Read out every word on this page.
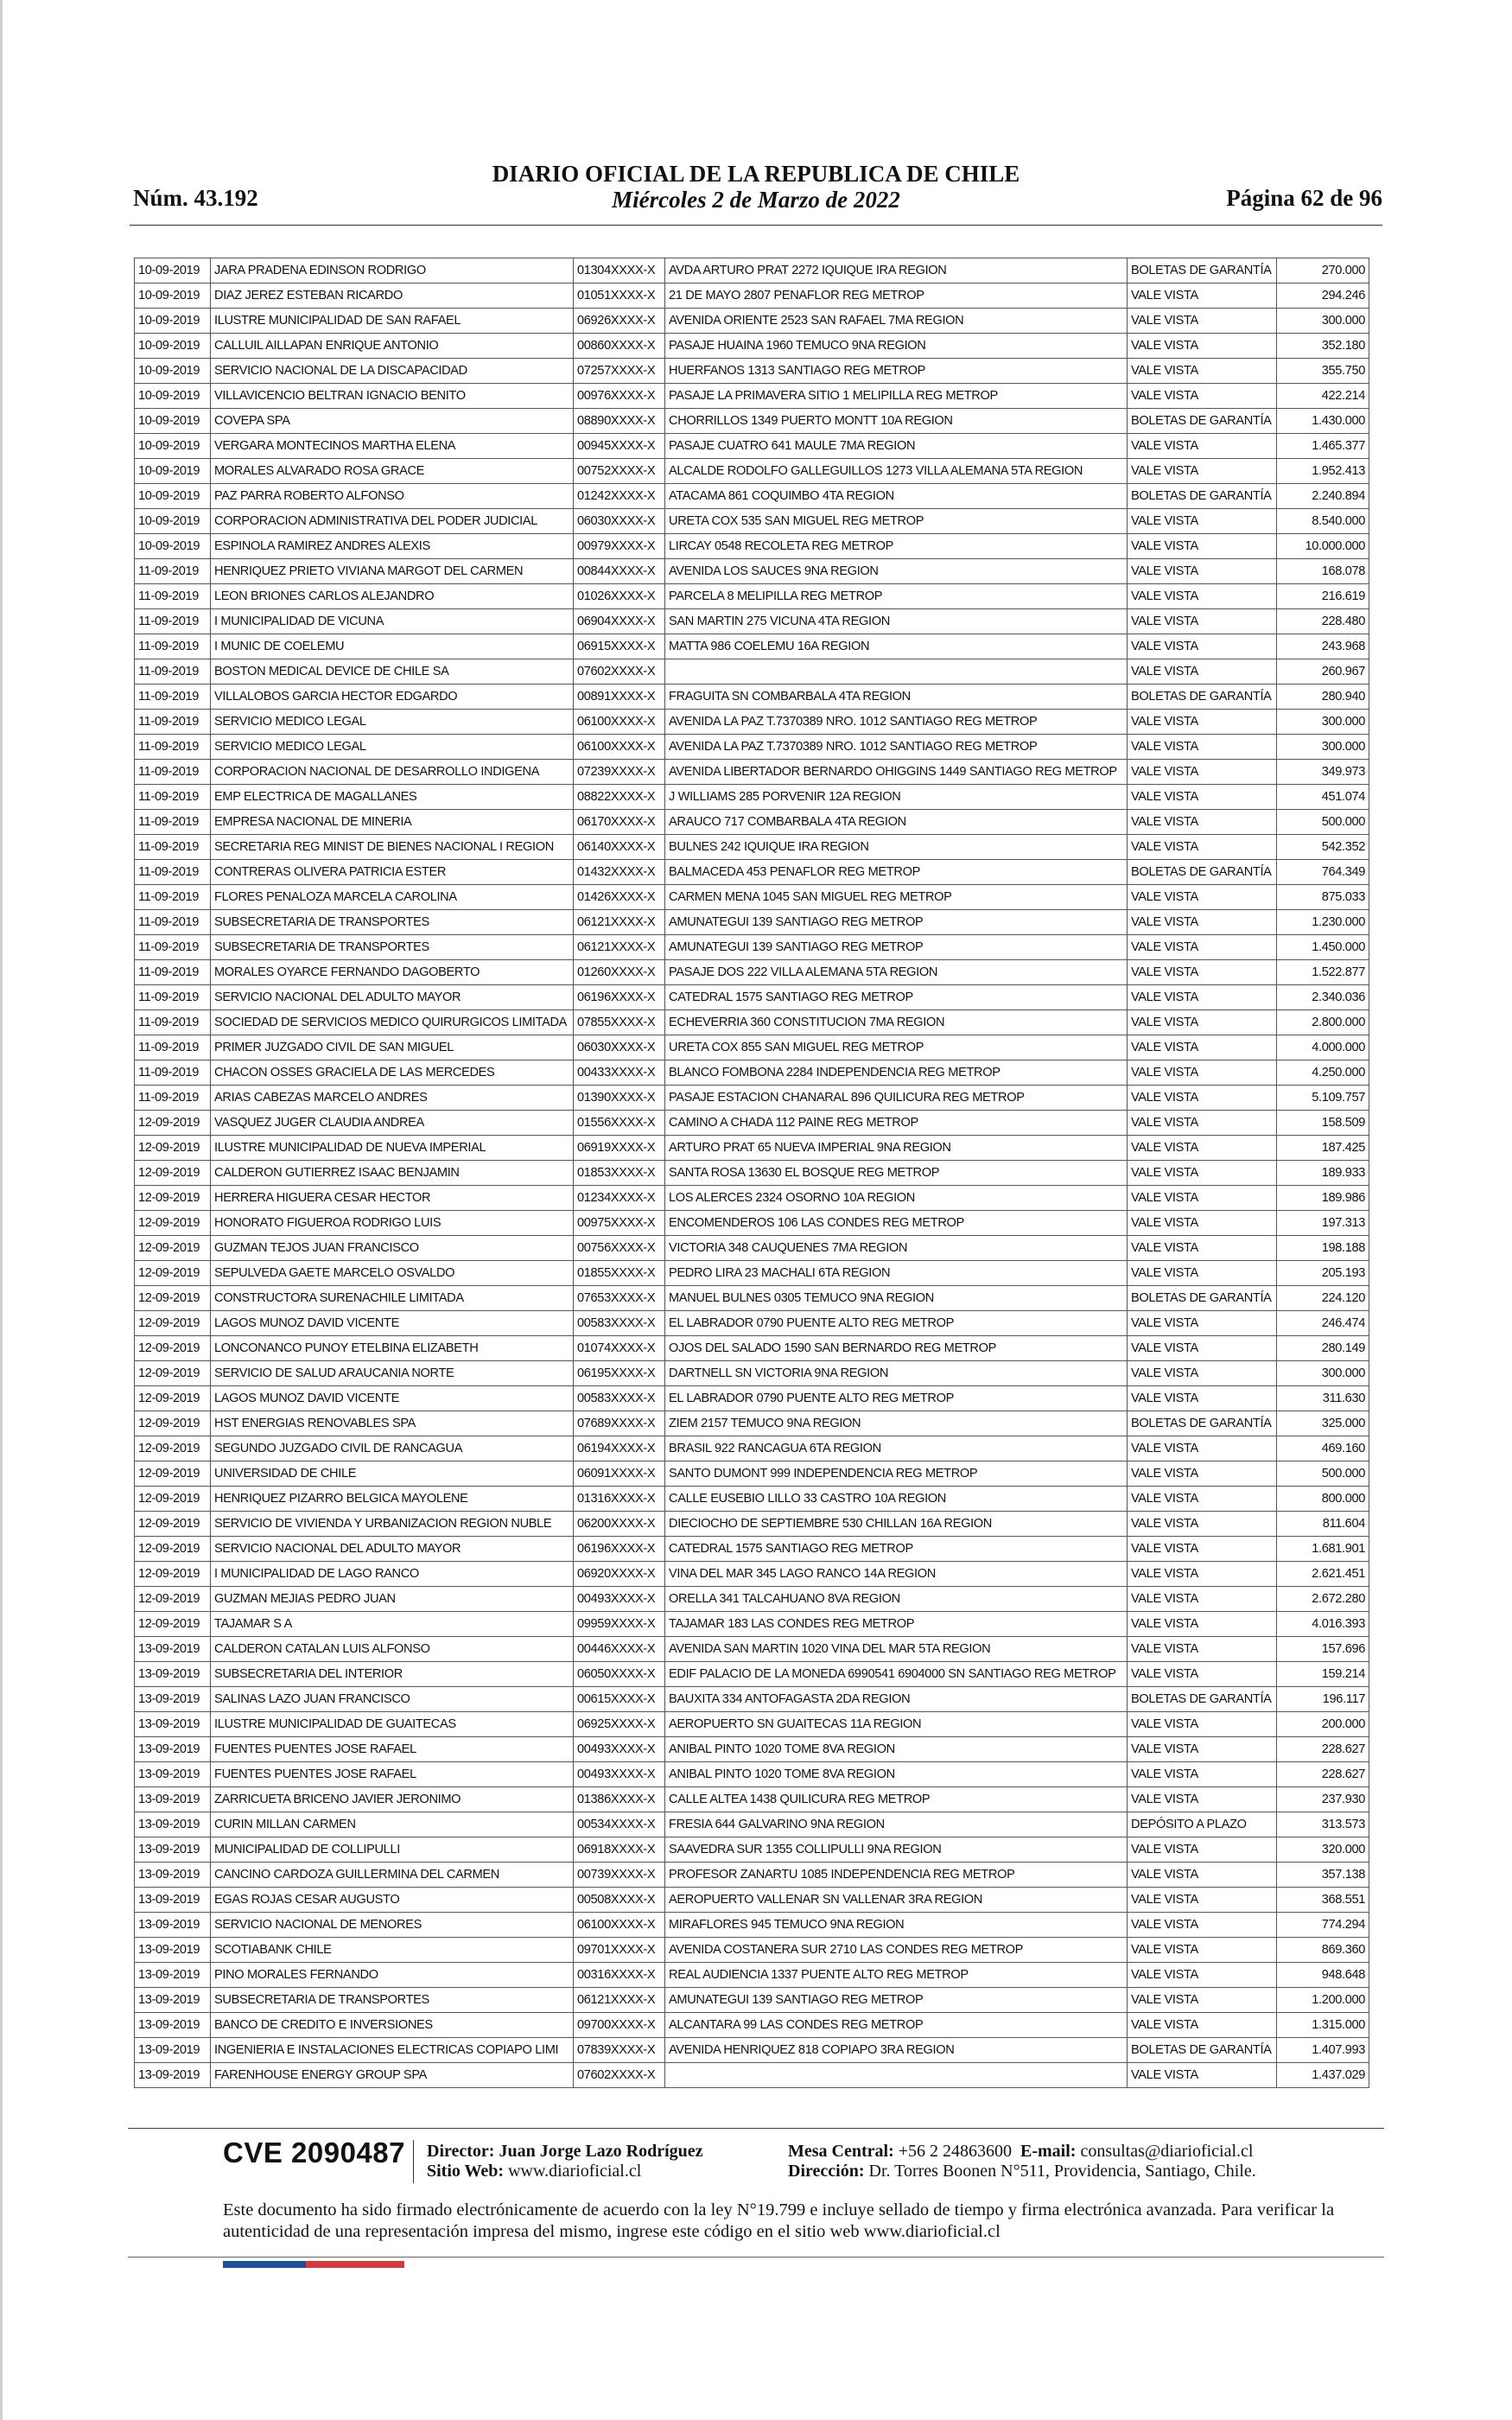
Núm. 43.192
DIARIO OFICIAL DE LA REPUBLICA DE CHILE
Miércoles 2 de Marzo de 2022	Página 62 de 96
10-09-2019	JARA PRADENA EDINSON RODRIGO	01304XXXX-X	AVDA ARTURO PRAT 2272 IQUIQUE IRA REGION	BOLETAS DE GARANTÍA	270.000
10-09-2019	DIAZ JEREZ ESTEBAN RICARDO	01051XXXX-X	21 DE MAYO 2807 PENAFLOR REG METROP	VALE VISTA	294.246
10-09-2019	ILUSTRE MUNICIPALIDAD DE SAN RAFAEL	06926XXXX-X	AVENIDA ORIENTE 2523 SAN RAFAEL 7MA REGION	VALE VISTA	300.000
10-09-2019	CALLUIL AILLAPAN ENRIQUE ANTONIO	00860XXXX-X	PASAJE HUAINA 1960 TEMUCO 9NA REGION	VALE VISTA	352.180
10-09-2019	SERVICIO NACIONAL DE LA DISCAPACIDAD	07257XXXX-X	HUERFANOS 1313 SANTIAGO REG METROP	VALE VISTA	355.750
10-09-2019	VILLAVICENCIO BELTRAN IGNACIO BENITO	00976XXXX-X	PASAJE LA PRIMAVERA SITIO 1 MELIPILLA REG METROP	VALE VISTA	422.214
10-09-2019	COVEPA SPA	08890XXXX-X	CHORRILLOS 1349 PUERTO MONTT 10A REGION	BOLETAS DE GARANTÍA	1.430.000
10-09-2019	VERGARA MONTECINOS MARTHA ELENA	00945XXXX-X	PASAJE CUATRO 641 MAULE 7MA REGION	VALE VISTA	1.465.377
10-09-2019	MORALES ALVARADO ROSA GRACE	00752XXXX-X	ALCALDE RODOLFO GALLEGUILLOS 1273 VILLA ALEMANA 5TA REGION	VALE VISTA	1.952.413
10-09-2019	PAZ PARRA ROBERTO ALFONSO	01242XXXX-X	ATACAMA 861 COQUIMBO 4TA REGION	BOLETAS DE GARANTÍA	2.240.894
10-09-2019	CORPORACION ADMINISTRATIVA DEL PODER JUDICIAL	06030XXXX-X	URETA COX 535 SAN MIGUEL REG METROP	VALE VISTA	8.540.000
10-09-2019	ESPINOLA RAMIREZ ANDRES ALEXIS	00979XXXX-X	LIRCAY 0548 RECOLETA REG METROP	VALE VISTA	10.000.000
11-09-2019	HENRIQUEZ PRIETO VIVIANA MARGOT DEL CARMEN	00844XXXX-X	AVENIDA LOS SAUCES 9NA REGION	VALE VISTA	168.078
11-09-2019	LEON BRIONES CARLOS ALEJANDRO	01026XXXX-X	PARCELA 8 MELIPILLA REG METROP	VALE VISTA	216.619
11-09-2019	I MUNICIPALIDAD DE VICUNA	06904XXXX-X	SAN MARTIN 275 VICUNA 4TA REGION	VALE VISTA	228.480
11-09-2019	I MUNIC DE COELEMU	06915XXXX-X	MATTA 986 COELEMU 16A REGION	VALE VISTA	243.968
11-09-2019	BOSTON MEDICAL DEVICE DE CHILE SA	07602XXXX-X		VALE VISTA	260.967
11-09-2019	VILLALOBOS GARCIA HECTOR EDGARDO	00891XXXX-X	FRAGUITA SN COMBARBALA 4TA REGION	BOLETAS DE GARANTÍA	280.940
11-09-2019	SERVICIO MEDICO LEGAL	06100XXXX-X	AVENIDA LA PAZ T.7370389 NRO. 1012 SANTIAGO REG METROP	VALE VISTA	300.000
11-09-2019	SERVICIO MEDICO LEGAL	06100XXXX-X	AVENIDA LA PAZ T.7370389 NRO. 1012 SANTIAGO REG METROP	VALE VISTA	300.000
11-09-2019	CORPORACION NACIONAL DE DESARROLLO INDIGENA	07239XXXX-X	AVENIDA LIBERTADOR BERNARDO OHIGGINS 1449 SANTIAGO REG METROP	VALE VISTA	349.973
11-09-2019	EMP ELECTRICA DE MAGALLANES	08822XXXX-X	J WILLIAMS 285 PORVENIR 12A REGION	VALE VISTA	451.074
11-09-2019	EMPRESA NACIONAL DE MINERIA	06170XXXX-X	ARAUCO 717 COMBARBALA 4TA REGION	VALE VISTA	500.000
11-09-2019	SECRETARIA REG MINIST DE BIENES NACIONAL I REGION	06140XXXX-X	BULNES 242 IQUIQUE IRA REGION	VALE VISTA	542.352
11-09-2019	CONTRERAS OLIVERA PATRICIA ESTER	01432XXXX-X	BALMACEDA 453 PENAFLOR REG METROP	BOLETAS DE GARANTÍA	764.349
11-09-2019	FLORES PENALOZA MARCELA CAROLINA	01426XXXX-X	CARMEN MENA 1045 SAN MIGUEL REG METROP	VALE VISTA	875.033
11-09-2019	SUBSECRETARIA DE TRANSPORTES	06121XXXX-X	AMUNATEGUI 139 SANTIAGO REG METROP	VALE VISTA	1.230.000
11-09-2019	SUBSECRETARIA DE TRANSPORTES	06121XXXX-X	AMUNATEGUI 139 SANTIAGO REG METROP	VALE VISTA	1.450.000
11-09-2019	MORALES OYARCE FERNANDO DAGOBERTO	01260XXXX-X	PASAJE DOS 222 VILLA ALEMANA 5TA REGION	VALE VISTA	1.522.877
11-09-2019	SERVICIO NACIONAL DEL ADULTO MAYOR	06196XXXX-X	CATEDRAL 1575 SANTIAGO REG METROP	VALE VISTA	2.340.036
11-09-2019	SOCIEDAD DE SERVICIOS MEDICO QUIRURGICOS LIMITADA	07855XXXX-X	ECHEVERRIA 360 CONSTITUCION 7MA REGION	VALE VISTA	2.800.000
11-09-2019	PRIMER JUZGADO CIVIL DE SAN MIGUEL	06030XXXX-X	URETA COX 855 SAN MIGUEL REG METROP	VALE VISTA	4.000.000
11-09-2019	CHACON OSSES GRACIELA DE LAS MERCEDES	00433XXXX-X	BLANCO FOMBONA 2284 INDEPENDENCIA REG METROP	VALE VISTA	4.250.000
11-09-2019	ARIAS CABEZAS MARCELO ANDRES	01390XXXX-X	PASAJE ESTACION CHANARAL 896 QUILICURA REG METROP	VALE VISTA	5.109.757
12-09-2019	VASQUEZ JUGER CLAUDIA ANDREA	01556XXXX-X	CAMINO A CHADA 112 PAINE REG METROP	VALE VISTA	158.509
12-09-2019	ILUSTRE MUNICIPALIDAD DE NUEVA IMPERIAL	06919XXXX-X	ARTURO PRAT 65 NUEVA IMPERIAL 9NA REGION	VALE VISTA	187.425
12-09-2019	CALDERON GUTIERREZ ISAAC BENJAMIN	01853XXXX-X	SANTA ROSA 13630 EL BOSQUE REG METROP	VALE VISTA	189.933
12-09-2019	HERRERA HIGUERA CESAR HECTOR	01234XXXX-X	LOS ALERCES 2324 OSORNO 10A REGION	VALE VISTA	189.986
12-09-2019	HONORATO FIGUEROA RODRIGO LUIS	00975XXXX-X	ENCOMENDEROS 106 LAS CONDES REG METROP	VALE VISTA	197.313
12-09-2019	GUZMAN TEJOS JUAN FRANCISCO	00756XXXX-X	VICTORIA 348 CAUQUENES 7MA REGION	VALE VISTA	198.188
12-09-2019	SEPULVEDA GAETE MARCELO OSVALDO	01855XXXX-X	PEDRO LIRA 23 MACHALI 6TA REGION	VALE VISTA	205.193
12-09-2019	CONSTRUCTORA SURENACHILE LIMITADA	07653XXXX-X	MANUEL BULNES 0305 TEMUCO 9NA REGION	BOLETAS DE GARANTÍA	224.120
12-09-2019	LAGOS MUNOZ DAVID VICENTE	00583XXXX-X	EL LABRADOR 0790 PUENTE ALTO REG METROP	VALE VISTA	246.474
12-09-2019	LONCONANCO PUNOY ETELBINA ELIZABETH	01074XXXX-X	OJOS DEL SALADO 1590 SAN BERNARDO REG METROP	VALE VISTA	280.149
12-09-2019	SERVICIO DE SALUD ARAUCANIA NORTE	06195XXXX-X	DARTNELL SN VICTORIA 9NA REGION	VALE VISTA	300.000
12-09-2019	LAGOS MUNOZ DAVID VICENTE	00583XXXX-X	EL LABRADOR 0790 PUENTE ALTO REG METROP	VALE VISTA	311.630
12-09-2019	HST ENERGIAS RENOVABLES SPA	07689XXXX-X	ZIEM 2157 TEMUCO 9NA REGION	BOLETAS DE GARANTÍA	325.000
12-09-2019	SEGUNDO JUZGADO CIVIL DE RANCAGUA	06194XXXX-X	BRASIL 922 RANCAGUA 6TA REGION	VALE VISTA	469.160
12-09-2019	UNIVERSIDAD DE CHILE	06091XXXX-X	SANTO DUMONT 999 INDEPENDENCIA REG METROP	VALE VISTA	500.000
12-09-2019	HENRIQUEZ PIZARRO BELGICA MAYOLENE	01316XXXX-X	CALLE EUSEBIO LILLO 33 CASTRO 10A REGION	VALE VISTA	800.000
12-09-2019	SERVICIO DE VIVIENDA Y URBANIZACION REGION NUBLE	06200XXXX-X	DIECIOCHO DE SEPTIEMBRE 530 CHILLAN 16A REGION	VALE VISTA	811.604
12-09-2019	SERVICIO NACIONAL DEL ADULTO MAYOR	06196XXXX-X	CATEDRAL 1575 SANTIAGO REG METROP	VALE VISTA	1.681.901
12-09-2019	I MUNICIPALIDAD DE LAGO RANCO	06920XXXX-X	VINA DEL MAR 345 LAGO RANCO 14A REGION	VALE VISTA	2.621.451
12-09-2019	GUZMAN MEJIAS PEDRO JUAN	00493XXXX-X	ORELLA 341 TALCAHUANO 8VA REGION	VALE VISTA	2.672.280
12-09-2019	TAJAMAR S A	09959XXXX-X	TAJAMAR 183 LAS CONDES REG METROP	VALE VISTA	4.016.393
13-09-2019	CALDERON CATALAN LUIS ALFONSO	00446XXXX-X	AVENIDA SAN MARTIN 1020 VINA DEL MAR 5TA REGION	VALE VISTA	157.696
13-09-2019	SUBSECRETARIA DEL INTERIOR	06050XXXX-X	EDIF PALACIO DE LA MONEDA 6990541 6904000 SN SANTIAGO REG METROP	VALE VISTA	159.214
13-09-2019	SALINAS LAZO JUAN FRANCISCO	00615XXXX-X	BAUXITA 334 ANTOFAGASTA 2DA REGION	BOLETAS DE GARANTÍA	196.117
13-09-2019	ILUSTRE MUNICIPALIDAD DE GUAITECAS	06925XXXX-X	AEROPUERTO SN GUAITECAS 11A REGION	VALE VISTA	200.000
13-09-2019	FUENTES PUENTES JOSE RAFAEL	00493XXXX-X	ANIBAL PINTO 1020 TOME 8VA REGION	VALE VISTA	228.627
13-09-2019	FUENTES PUENTES JOSE RAFAEL	00493XXXX-X	ANIBAL PINTO 1020 TOME 8VA REGION	VALE VISTA	228.627
13-09-2019	ZARRICUETA BRICENO JAVIER JERONIMO	01386XXXX-X	CALLE ALTEA 1438 QUILICURA REG METROP	VALE VISTA	237.930
13-09-2019	CURIN MILLAN CARMEN	00534XXXX-X	FRESIA 644 GALVARINO 9NA REGION	DEPÓSITO A PLAZO	313.573
13-09-2019	MUNICIPALIDAD DE COLLIPULLI	06918XXXX-X	SAAVEDRA SUR 1355 COLLIPULLI 9NA REGION	VALE VISTA	320.000
13-09-2019	CANCINO CARDOZA GUILLERMINA DEL CARMEN	00739XXXX-X	PROFESOR ZANARTU 1085 INDEPENDENCIA REG METROP	VALE VISTA	357.138
13-09-2019	EGAS ROJAS CESAR AUGUSTO	00508XXXX-X	AEROPUERTO VALLENAR SN VALLENAR 3RA REGION	VALE VISTA	368.551
13-09-2019	SERVICIO NACIONAL DE MENORES	06100XXXX-X	MIRAFLORES 945 TEMUCO 9NA REGION	VALE VISTA	774.294
13-09-2019	SCOTIABANK CHILE	09701XXXX-X	AVENIDA COSTANERA SUR 2710 LAS CONDES REG METROP	VALE VISTA	869.360
13-09-2019	PINO MORALES FERNANDO	00316XXXX-X	REAL AUDIENCIA 1337 PUENTE ALTO REG METROP	VALE VISTA	948.648
13-09-2019	SUBSECRETARIA DE TRANSPORTES	06121XXXX-X	AMUNATEGUI 139 SANTIAGO REG METROP	VALE VISTA	1.200.000
13-09-2019	BANCO DE CREDITO E INVERSIONES	09700XXXX-X	ALCANTARA 99 LAS CONDES REG METROP	VALE VISTA	1.315.000
13-09-2019	INGENIERIA E INSTALACIONES ELECTRICAS COPIAPO LIMI	07839XXXX-X	AVENIDA HENRIQUEZ 818 COPIAPO 3RA REGION	BOLETAS DE GARANTÍA	1.407.993
13-09-2019	FARENHOUSE ENERGY GROUP SPA	07602XXXX-X		VALE VISTA	1.437.029
CVE 2090487 Director: Juan Jorge Lazo Rodríguez
Sitio Web: www.diarioficial.cl
Mesa Central: +56 2 24863600 E-mail: consultas@diarioficial.cl
Dirección: Dr. Torres Boonen N°511, Providencia, Santiago, Chile.
Este documento ha sido firmado electrónicamente de acuerdo con la ley N°19.799 e incluye sellado de tiempo y firma electrónica avanzada. Para verificar la autenticidad de una representación impresa del mismo, ingrese este código en el sitio web www.diarioficial.cl
